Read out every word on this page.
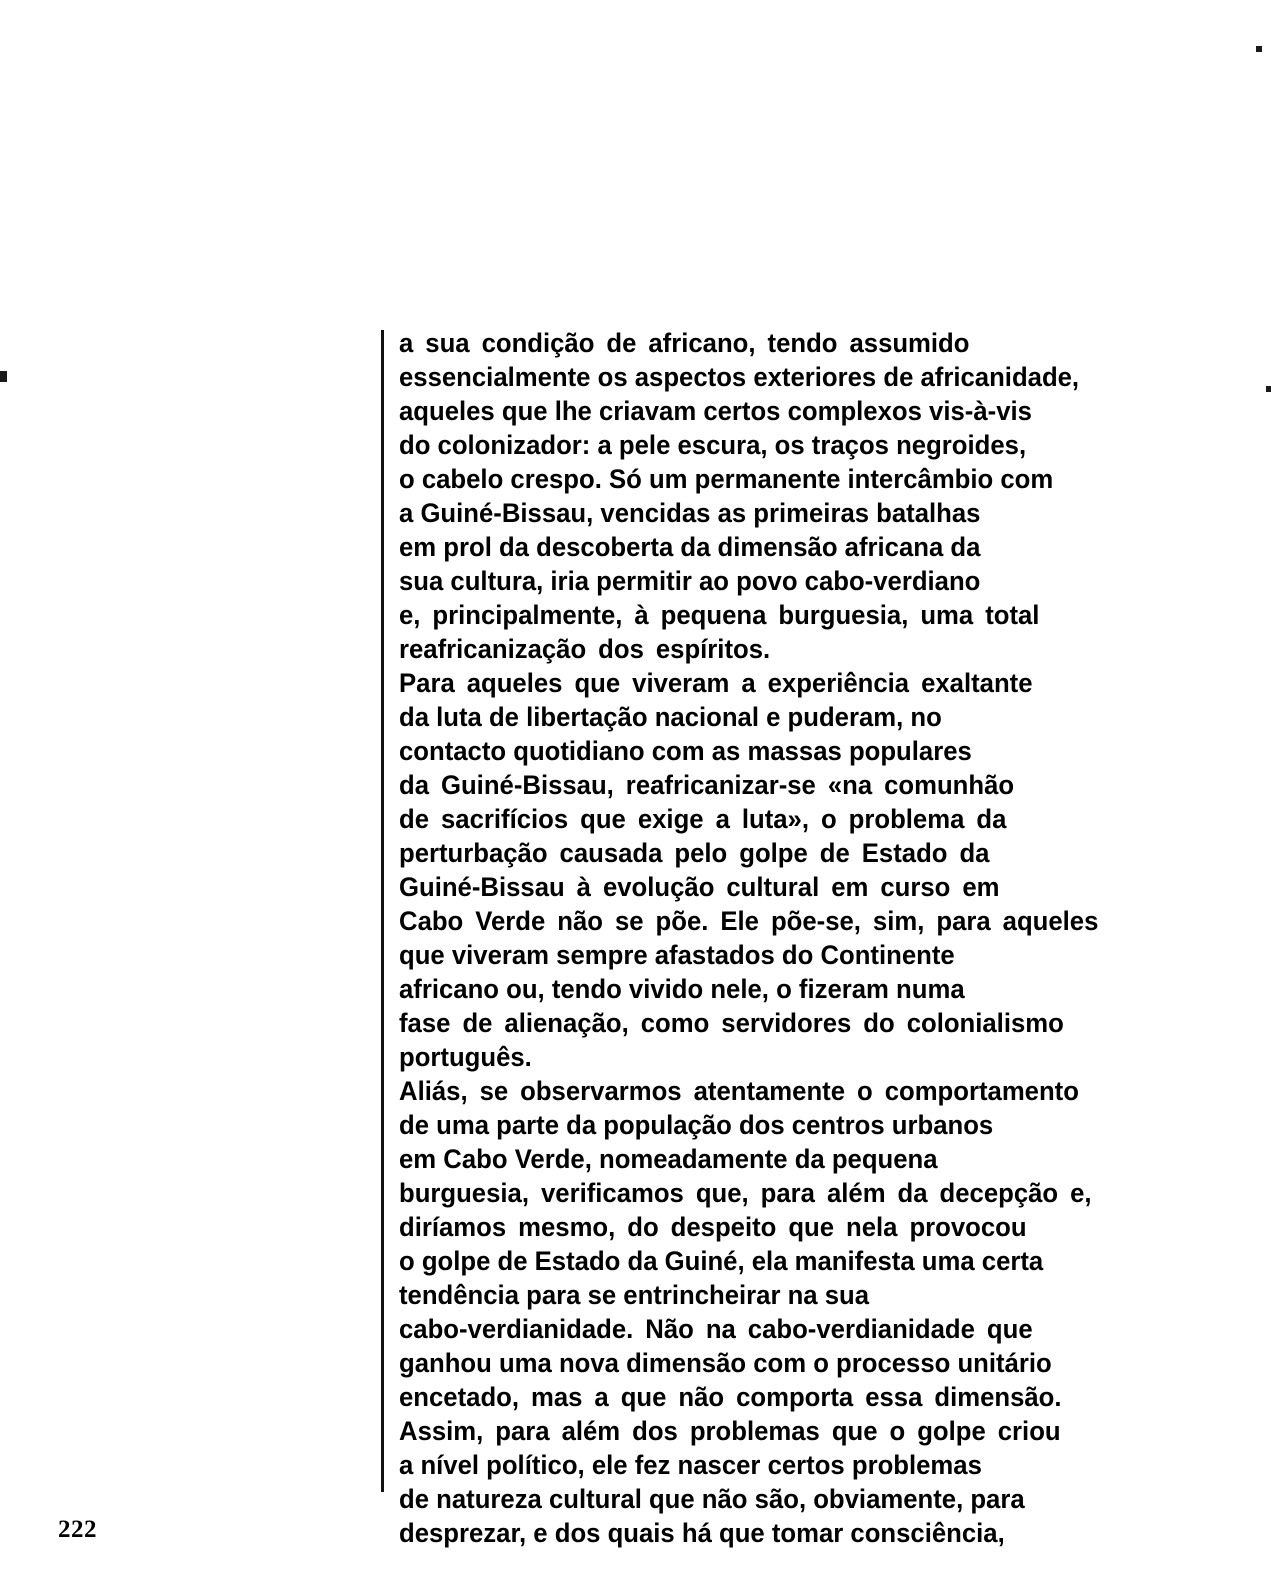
a sua condição de africano, tendo assumido
essencialmente os aspectos exteriores de africanidade,
aqueles que lhe criavam certos complexos vis-à-vis
do colonizador: a pele escura, os traços negroides,
o cabelo crespo. Só um permanente intercâmbio com
a Guiné-Bissau, vencidas as primeiras batalhas
em prol da descoberta da dimensão africana da
sua cultura, iria permitir ao povo cabo-verdiano
e, principalmente, à pequena burguesia, uma total
reafricanização dos espíritos.
Para aqueles que viveram a experiência exaltante
da luta de libertação nacional e puderam, no
contacto quotidiano com as massas populares
da Guiné-Bissau, reafricanizar-se «na comunhão
de sacrifícios que exige a luta», o problema da
perturbação causada pelo golpe de Estado da
Guiné-Bissau à evolução cultural em curso em
Cabo Verde não se põe. Ele põe-se, sim, para aqueles
que viveram sempre afastados do Continente
africano ou, tendo vivido nele, o fizeram numa
fase de alienação, como servidores do colonialismo
português.
Aliás, se observarmos atentamente o comportamento
de uma parte da população dos centros urbanos
em Cabo Verde, nomeadamente da pequena
burguesia, verificamos que, para além da decepção e,
diríamos mesmo, do despeito que nela provocou
o golpe de Estado da Guiné, ela manifesta uma certa
tendência para se entrincheirar na sua
cabo-verdianidade. Não na cabo-verdianidade que
ganhou uma nova dimensão com o processo unitário
encetado, mas a que não comporta essa dimensão.
Assim, para além dos problemas que o golpe criou
a nível político, ele fez nascer certos problemas
de natureza cultural que não são, obviamente, para
desprezar, e dos quais há que tomar consciência,
222
